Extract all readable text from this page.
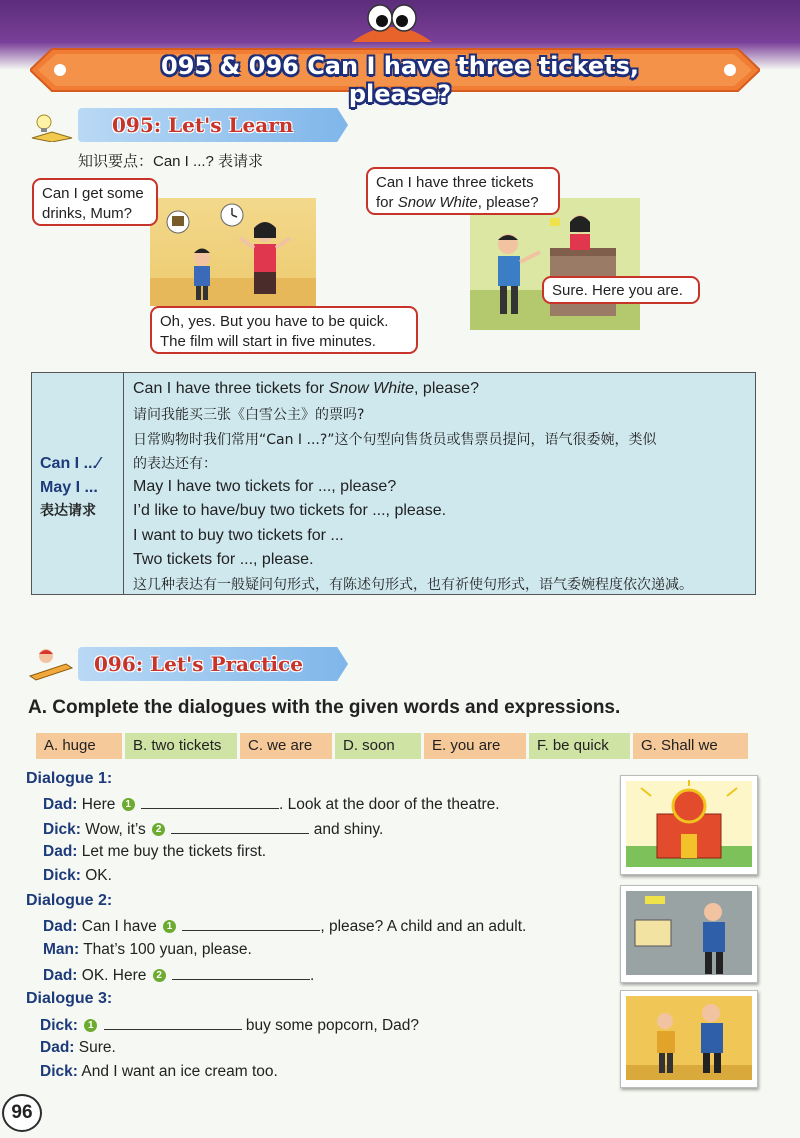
095 & 096 Can I have three tickets, please?
095: Let's Learn
知识要点：Can I ...? 表请求
Can I get some
drinks, Mum?
Oh, yes. But you have to be quick.
The film will start in five minutes.
Can I have three tickets
for Snow White, please?
Sure. Here you are.
Can I ...⁄
May I ...
表达请求
Can I have three tickets for Snow White, please?
请问我能买三张《白雪公主》的票吗?
日常购物时我们常用“Can I ...?”这个句型向售货员或售票员提问，语气很委婉，类似
的表达还有：
May I have two tickets for ..., please?
I’d like to have/buy two tickets for ..., please.
I want to buy two tickets for ...
Two tickets for ..., please.
这几种表达有一般疑问句形式，有陈述句形式，也有祈使句形式，语气委婉程度依次递减。
096: Let's Practice
A. Complete the dialogues with the given words and expressions.
A. huge	B. two tickets	C. we are	D. soon	E. you are	F. be quick	G. Shall we
Dialogue 1:
Dad: Here 1	. Look at the door of the theatre.
Dick: Wow, it’s 2	and shiny.
Dad: Let me buy the tickets first.
Dick: OK.
Dialogue 2:
Dad: Can I have 1	, please? A child and an adult.
Man: That’s 100 yuan, please.
Dad: OK. Here 2	.
Dialogue 3:
Dick: 1	buy some popcorn, Dad?
Dad: Sure.
Dick: And I want an ice cream too.
96
